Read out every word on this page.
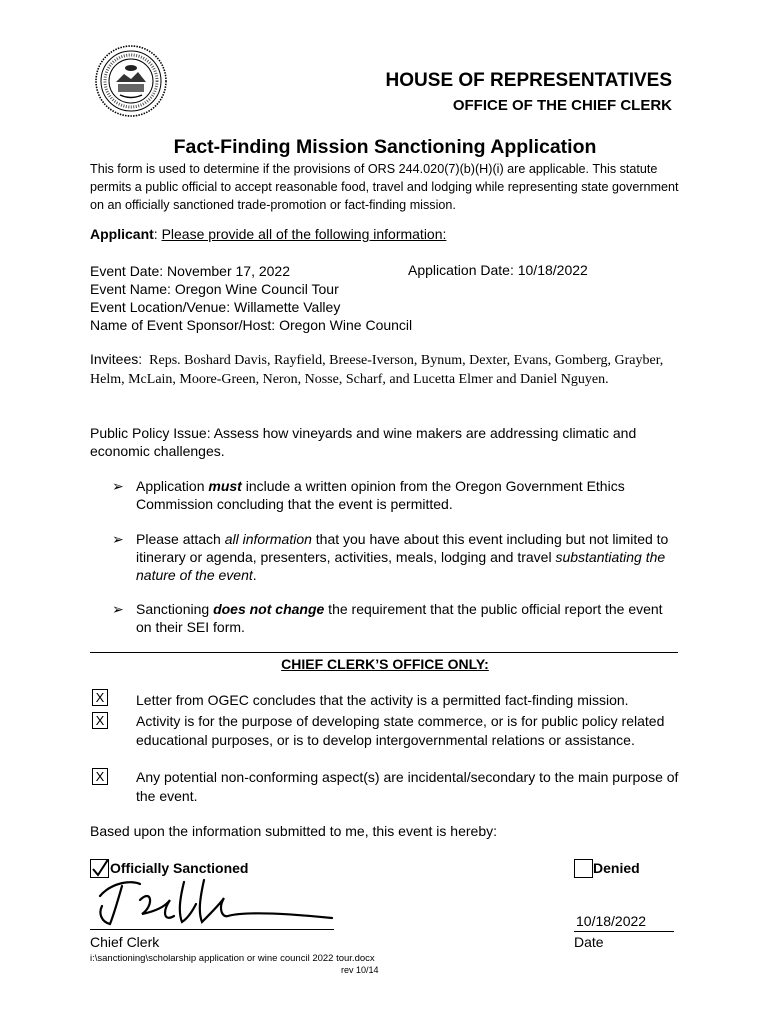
HOUSE OF REPRESENTATIVES
OFFICE OF THE CHIEF CLERK
Fact-Finding Mission Sanctioning Application
This form is used to determine if the provisions of ORS 244.020(7)(b)(H)(i) are applicable. This statute permits a public official to accept reasonable food, travel and lodging while representing state government on an officially sanctioned trade-promotion or fact-finding mission.
Applicant: Please provide all of the following information:
Event Date: November 17, 2022
Event Name: Oregon Wine Council Tour
Event Location/Venue: Willamette Valley
Name of Event Sponsor/Host: Oregon Wine Council
Application Date: 10/18/2022
Invitees: Reps. Boshard Davis, Rayfield, Breese-Iverson, Bynum, Dexter, Evans, Gomberg, Grayber, Helm, McLain, Moore-Green, Neron, Nosse, Scharf, and Lucetta Elmer and Daniel Nguyen.
Public Policy Issue: Assess how vineyards and wine makers are addressing climatic and economic challenges.
➢ Application must include a written opinion from the Oregon Government Ethics Commission concluding that the event is permitted.
➢ Please attach all information that you have about this event including but not limited to itinerary or agenda, presenters, activities, meals, lodging and travel substantiating the nature of the event.
➢ Sanctioning does not change the requirement that the public official report the event on their SEI form.
CHIEF CLERK’S OFFICE ONLY:
X Letter from OGEC concludes that the activity is a permitted fact-finding mission.
X Activity is for the purpose of developing state commerce, or is for public policy related educational purposes, or is to develop intergovernmental relations or assistance.
X Any potential non-conforming aspect(s) are incidental/secondary to the main purpose of the event.
Based upon the information submitted to me, this event is hereby:
Officially Sanctioned	Denied
Chief Clerk
10/18/2022
Date
i:\sanctioning\scholarship application or wine council 2022 tour.docx
rev 10/14
